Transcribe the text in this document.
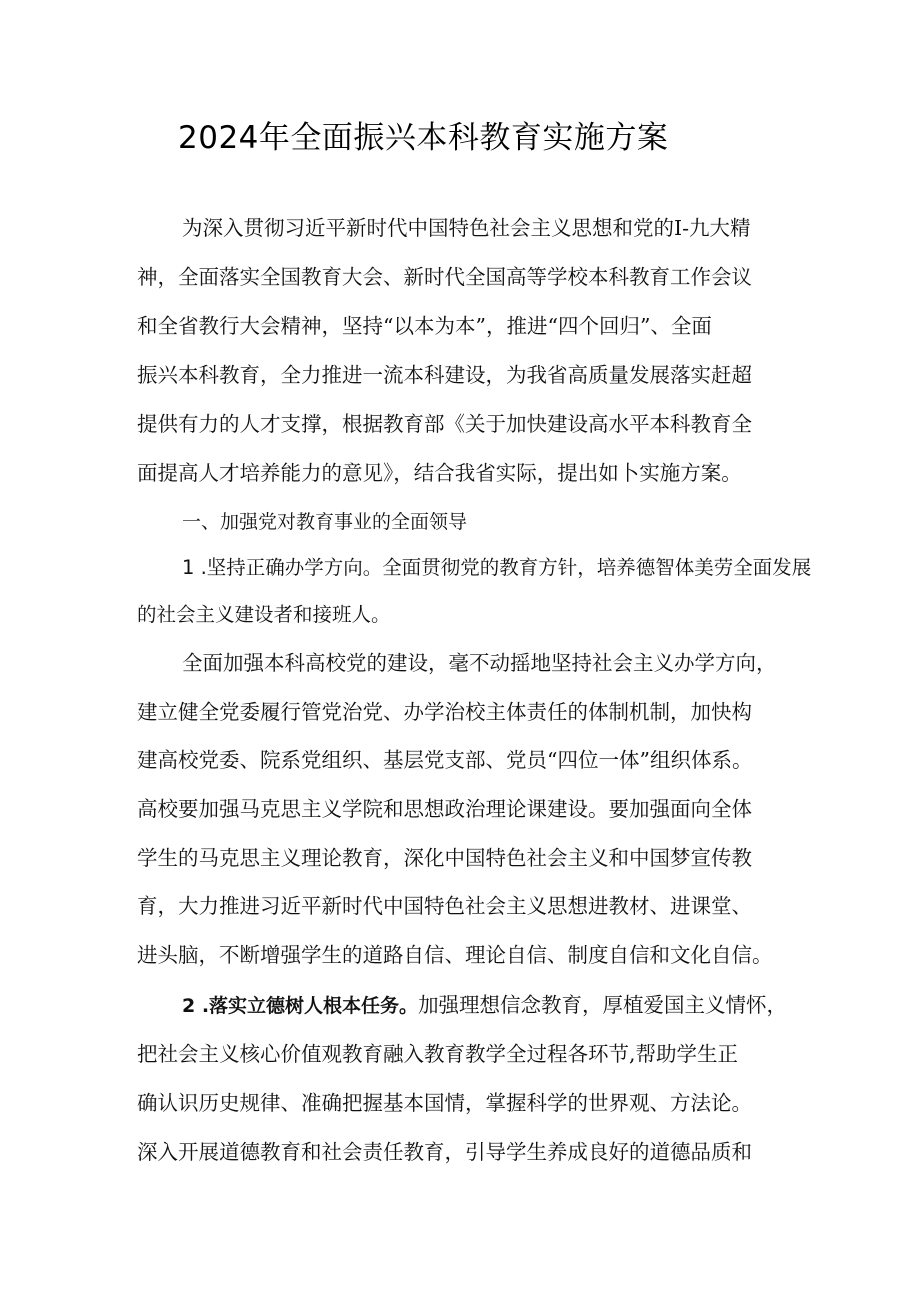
2024年全面振兴本科教育实施方案
为深入贯彻习近平新时代中国特色社会主义思想和党的I-九大精
神，全面落实全国教育大会、新时代全国高等学校本科教育工作会议
和全省教行大会精神，坚持“以本为本”，推进“四个回归”、全面
振兴本科教育，全力推进一流本科建设，为我省高质量发展落实赶超
提供有力的人才支撑，根据教育部《关于加快建设高水平本科教育全
面提高人才培养能力的意见》，结合我省实际，提出如卜实施方案。
一、加强党对教育事业的全面领导
1 .坚持正确办学方向。全面贯彻党的教育方针，培养德智体美劳全面发展
的社会主义建设者和接班人。
全面加强本科高校党的建设，毫不动摇地坚持社会主义办学方向，
建立健全党委履行管党治党、办学治校主体责任的体制机制，加快构
建高校党委、院系党组织、基层党支部、党员“四位一体”组织体系。
高校要加强马克思主义学院和思想政治理论课建设。要加强面向全体
学生的马克思主义理论教育，深化中国特色社会主义和中国梦宣传教
育，大力推进习近平新时代中国特色社会主义思想进教材、进课堂、
进头脑，不断增强学生的道路自信、理论自信、制度自信和文化自信。
2 .落实立德树人根本任务。加强理想信念教育，厚植爱国主义情怀，
把社会主义核心价值观教育融入教育教学全过程各环节,帮助学生正
确认识历史规律、准确把握基本国情，掌握科学的世界观、方法论。
深入开展道德教育和社会责任教育，引导学生养成良好的道德品质和
